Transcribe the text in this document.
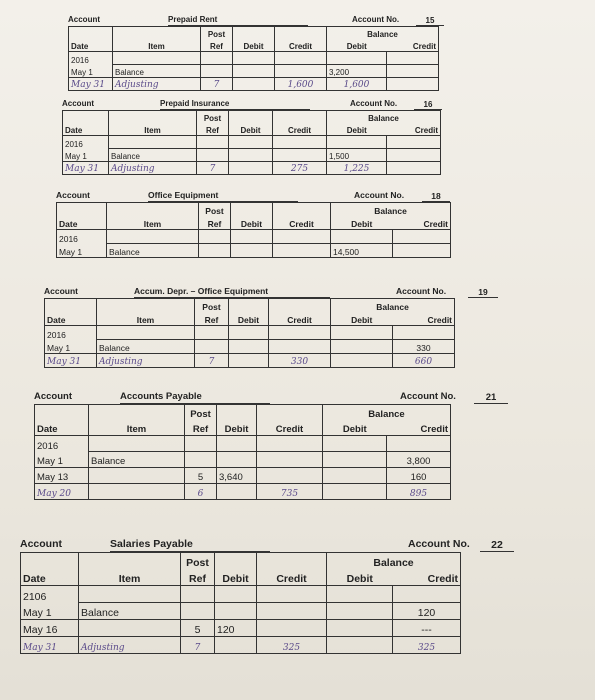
Account	Prepaid Rent	Account No.	15
Date	Item	Post	Debit	Credit	Balance	
		Ref			Debit	Credit
2016						
May 1	Balance				3,200	
May 31	Adjusting	7		1,600	1,600	
Account	Prepaid Insurance	Account No.	16
Date	Item	Post	Debit	Credit	Balance	
		Ref			Debit	Credit
2016						
May 1	Balance				1,500	
May 31	Adjusting	7		275	1,225	
Account	Office Equipment	Account No.	18
Date	Item	Post	Debit	Credit	Balance	
		Ref			Debit	Credit
2016						
May 1	Balance				14,500	
Account	Accum. Depr. – Office Equipment	Account No.	19
Date	Item	Post	Debit	Credit	Balance	
		Ref			Debit	Credit
2016						
May 1	Balance					330
May 31	Adjusting	7		330		660
Account	Accounts Payable	Account No.	21
Date	Item	Post	Debit	Credit	Balance	
		Ref			Debit	Credit
2016						
May 1	Balance					3,800
May 13		5	3,640			160
May 20		6		735		895
Account	Salaries Payable	Account No.	22
Date	Item	Post	Debit	Credit	Balance	
		Ref			Debit	Credit
2106						
May 1	Balance					120
May 16		5	120			---
May 31	Adjusting	7		325		325
